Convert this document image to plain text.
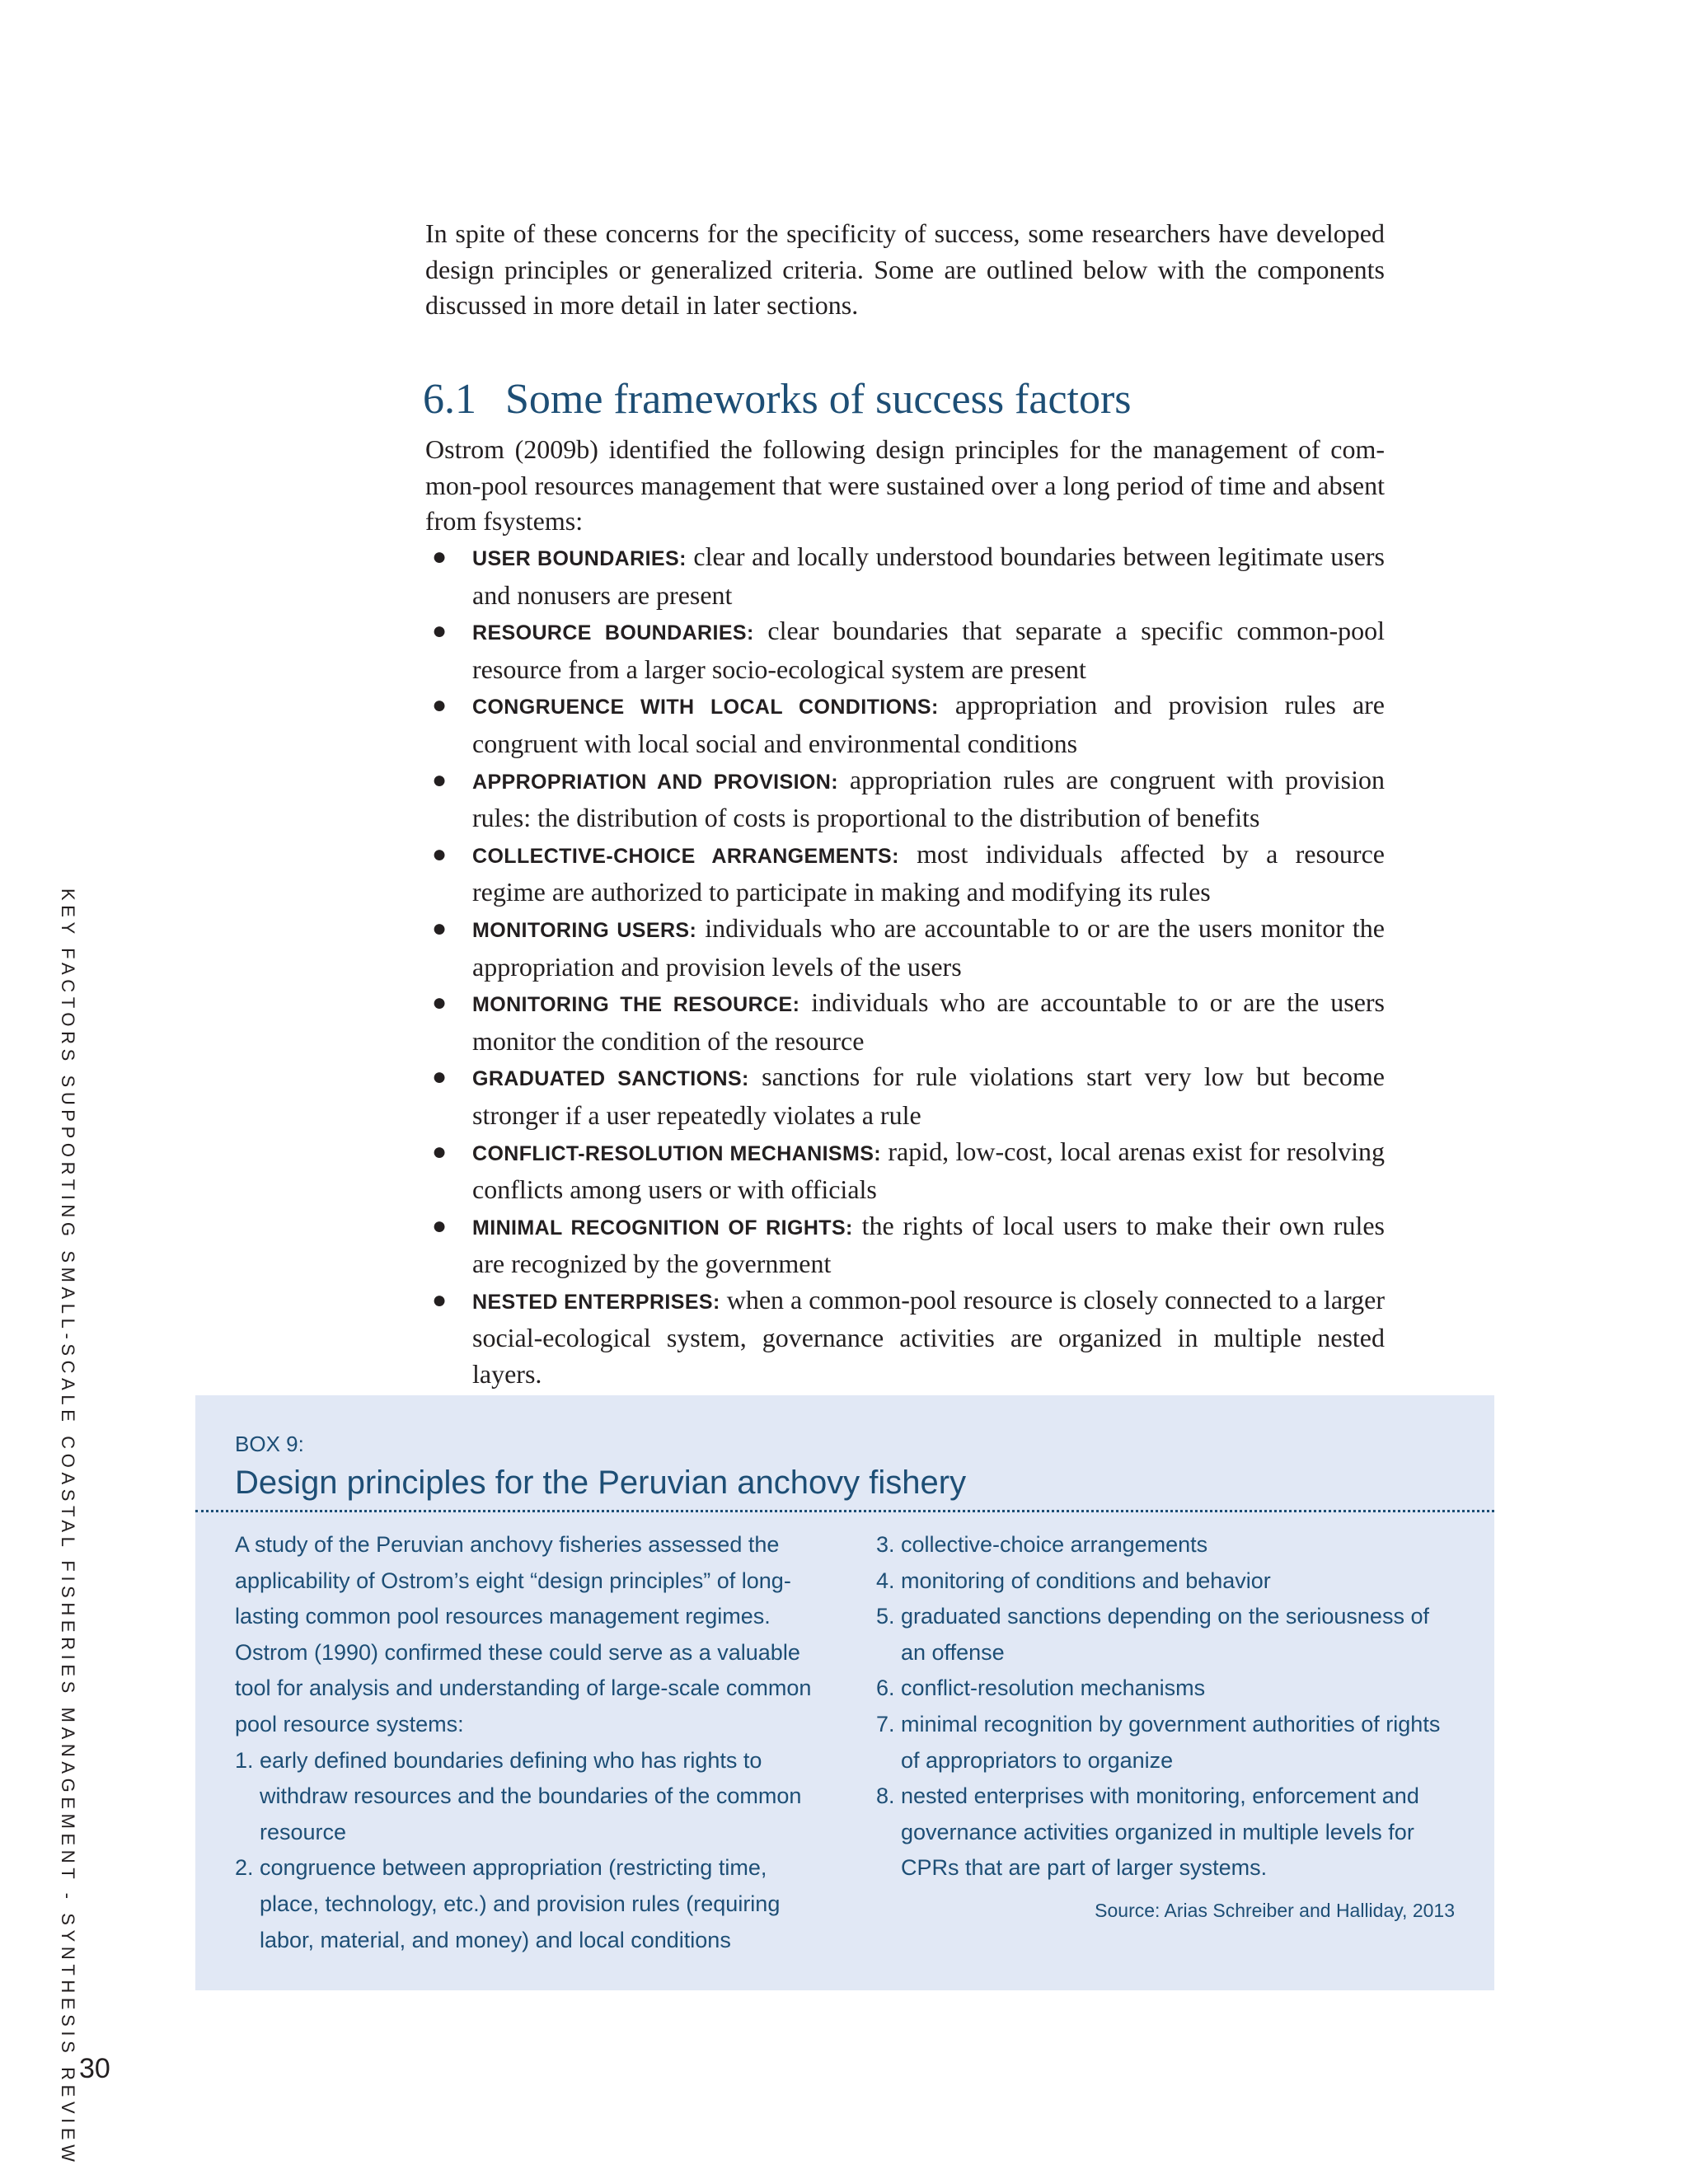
In spite of these concerns for the specificity of success, some researchers have developed design principles or generalized criteria. Some are outlined below with the components discussed in more detail in later sections.

6.1 Some frameworks of success factors

Ostrom (2009b) identified the following design principles for the management of com-mon-pool resources management that were sustained over a long period of time and absent from fsystems:

● USER BOUNDARIES: clear and locally understood boundaries between legitimate users and nonusers are present
● RESOURCE BOUNDARIES: clear boundaries that separate a specific common-pool resource from a larger socio-ecological system are present
● CONGRUENCE WITH LOCAL CONDITIONS: appropriation and provision rules are congruent with local social and environmental conditions
● APPROPRIATION AND PROVISION: appropriation rules are congruent with provision rules: the distribution of costs is proportional to the distribution of benefits
● COLLECTIVE-CHOICE ARRANGEMENTS: most individuals affected by a resource regime are authorized to participate in making and modifying its rules
● MONITORING USERS: individuals who are accountable to or are the users monitor the appropriation and provision levels of the users
● MONITORING THE RESOURCE: individuals who are accountable to or are the users monitor the condition of the resource
● GRADUATED SANCTIONS: sanctions for rule violations start very low but become stronger if a user repeatedly violates a rule
● CONFLICT-RESOLUTION MECHANISMS: rapid, low-cost, local arenas exist for resolving conflicts among users or with officials
● MINIMAL RECOGNITION OF RIGHTS: the rights of local users to make their own rules are recognized by the government
● NESTED ENTERPRISES: when a common-pool resource is closely connected to a larger social-ecological system, governance activities are organized in multiple nested layers.
KEY FACTORS SUPPORTING SMALL-SCALE COASTAL FISHERIES MANAGEMENT - SYNTHESIS REVIEW 30
BOX 9:
Design principles for the Peruvian anchovy fishery

A study of the Peruvian anchovy fisheries assessed the applicability of Ostrom’s eight “design principles” of long-lasting common pool resources management regimes. Ostrom (1990) confirmed these could serve as a valuable tool for analysis and understanding of large-scale common pool resource systems:

1. early defined boundaries defining who has rights to withdraw resources and the boundaries of the common resource
2. congruence between appropriation (restricting time, place, technology, etc.) and provision rules (requiring labor, material, and money) and local conditions
3. collective-choice arrangements
4. monitoring of conditions and behavior
5. graduated sanctions depending on the seriousness of an offense
6. conflict-resolution mechanisms
7. minimal recognition by government authorities of rights of appropriators to organize
8. nested enterprises with monitoring, enforcement and governance activities organized in multiple levels for CPRs that are part of larger systems.
Source: Arias Schreiber and Halliday, 2013
